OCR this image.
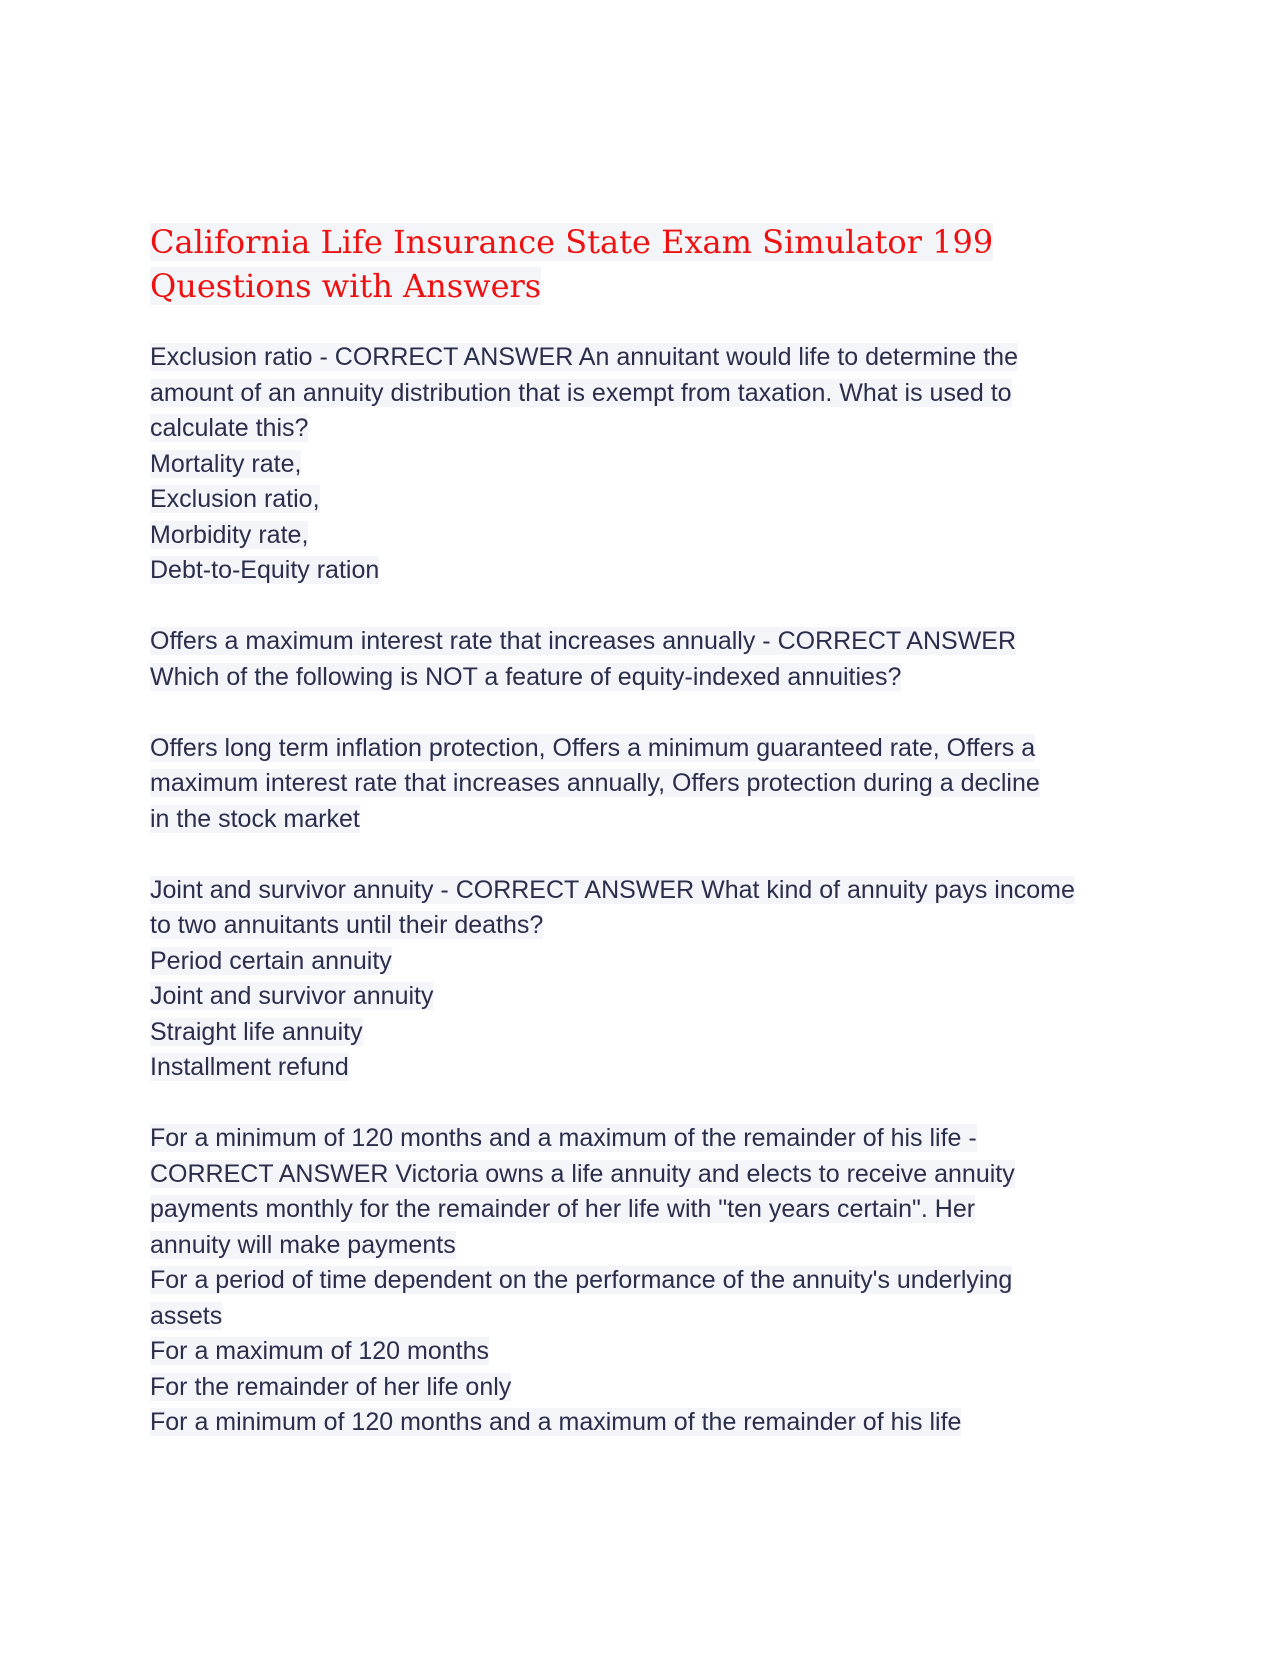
California Life Insurance State Exam Simulator 199
Questions with Answers
Exclusion ratio - CORRECT ANSWER An annuitant would life to determine the
amount of an annuity distribution that is exempt from taxation. What is used to
calculate this?
Mortality rate,
Exclusion ratio,
Morbidity rate,
Debt-to-Equity ration
Offers a maximum interest rate that increases annually - CORRECT ANSWER
Which of the following is NOT a feature of equity-indexed annuities?
Offers long term inflation protection, Offers a minimum guaranteed rate, Offers a
maximum interest rate that increases annually, Offers protection during a decline
in the stock market
Joint and survivor annuity - CORRECT ANSWER What kind of annuity pays income
to two annuitants until their deaths?
Period certain annuity
Joint and survivor annuity
Straight life annuity
Installment refund
For a minimum of 120 months and a maximum of the remainder of his life -
CORRECT ANSWER Victoria owns a life annuity and elects to receive annuity
payments monthly for the remainder of her life with "ten years certain". Her
annuity will make payments
For a period of time dependent on the performance of the annuity's underlying
assets
For a maximum of 120 months
For the remainder of her life only
For a minimum of 120 months and a maximum of the remainder of his life
